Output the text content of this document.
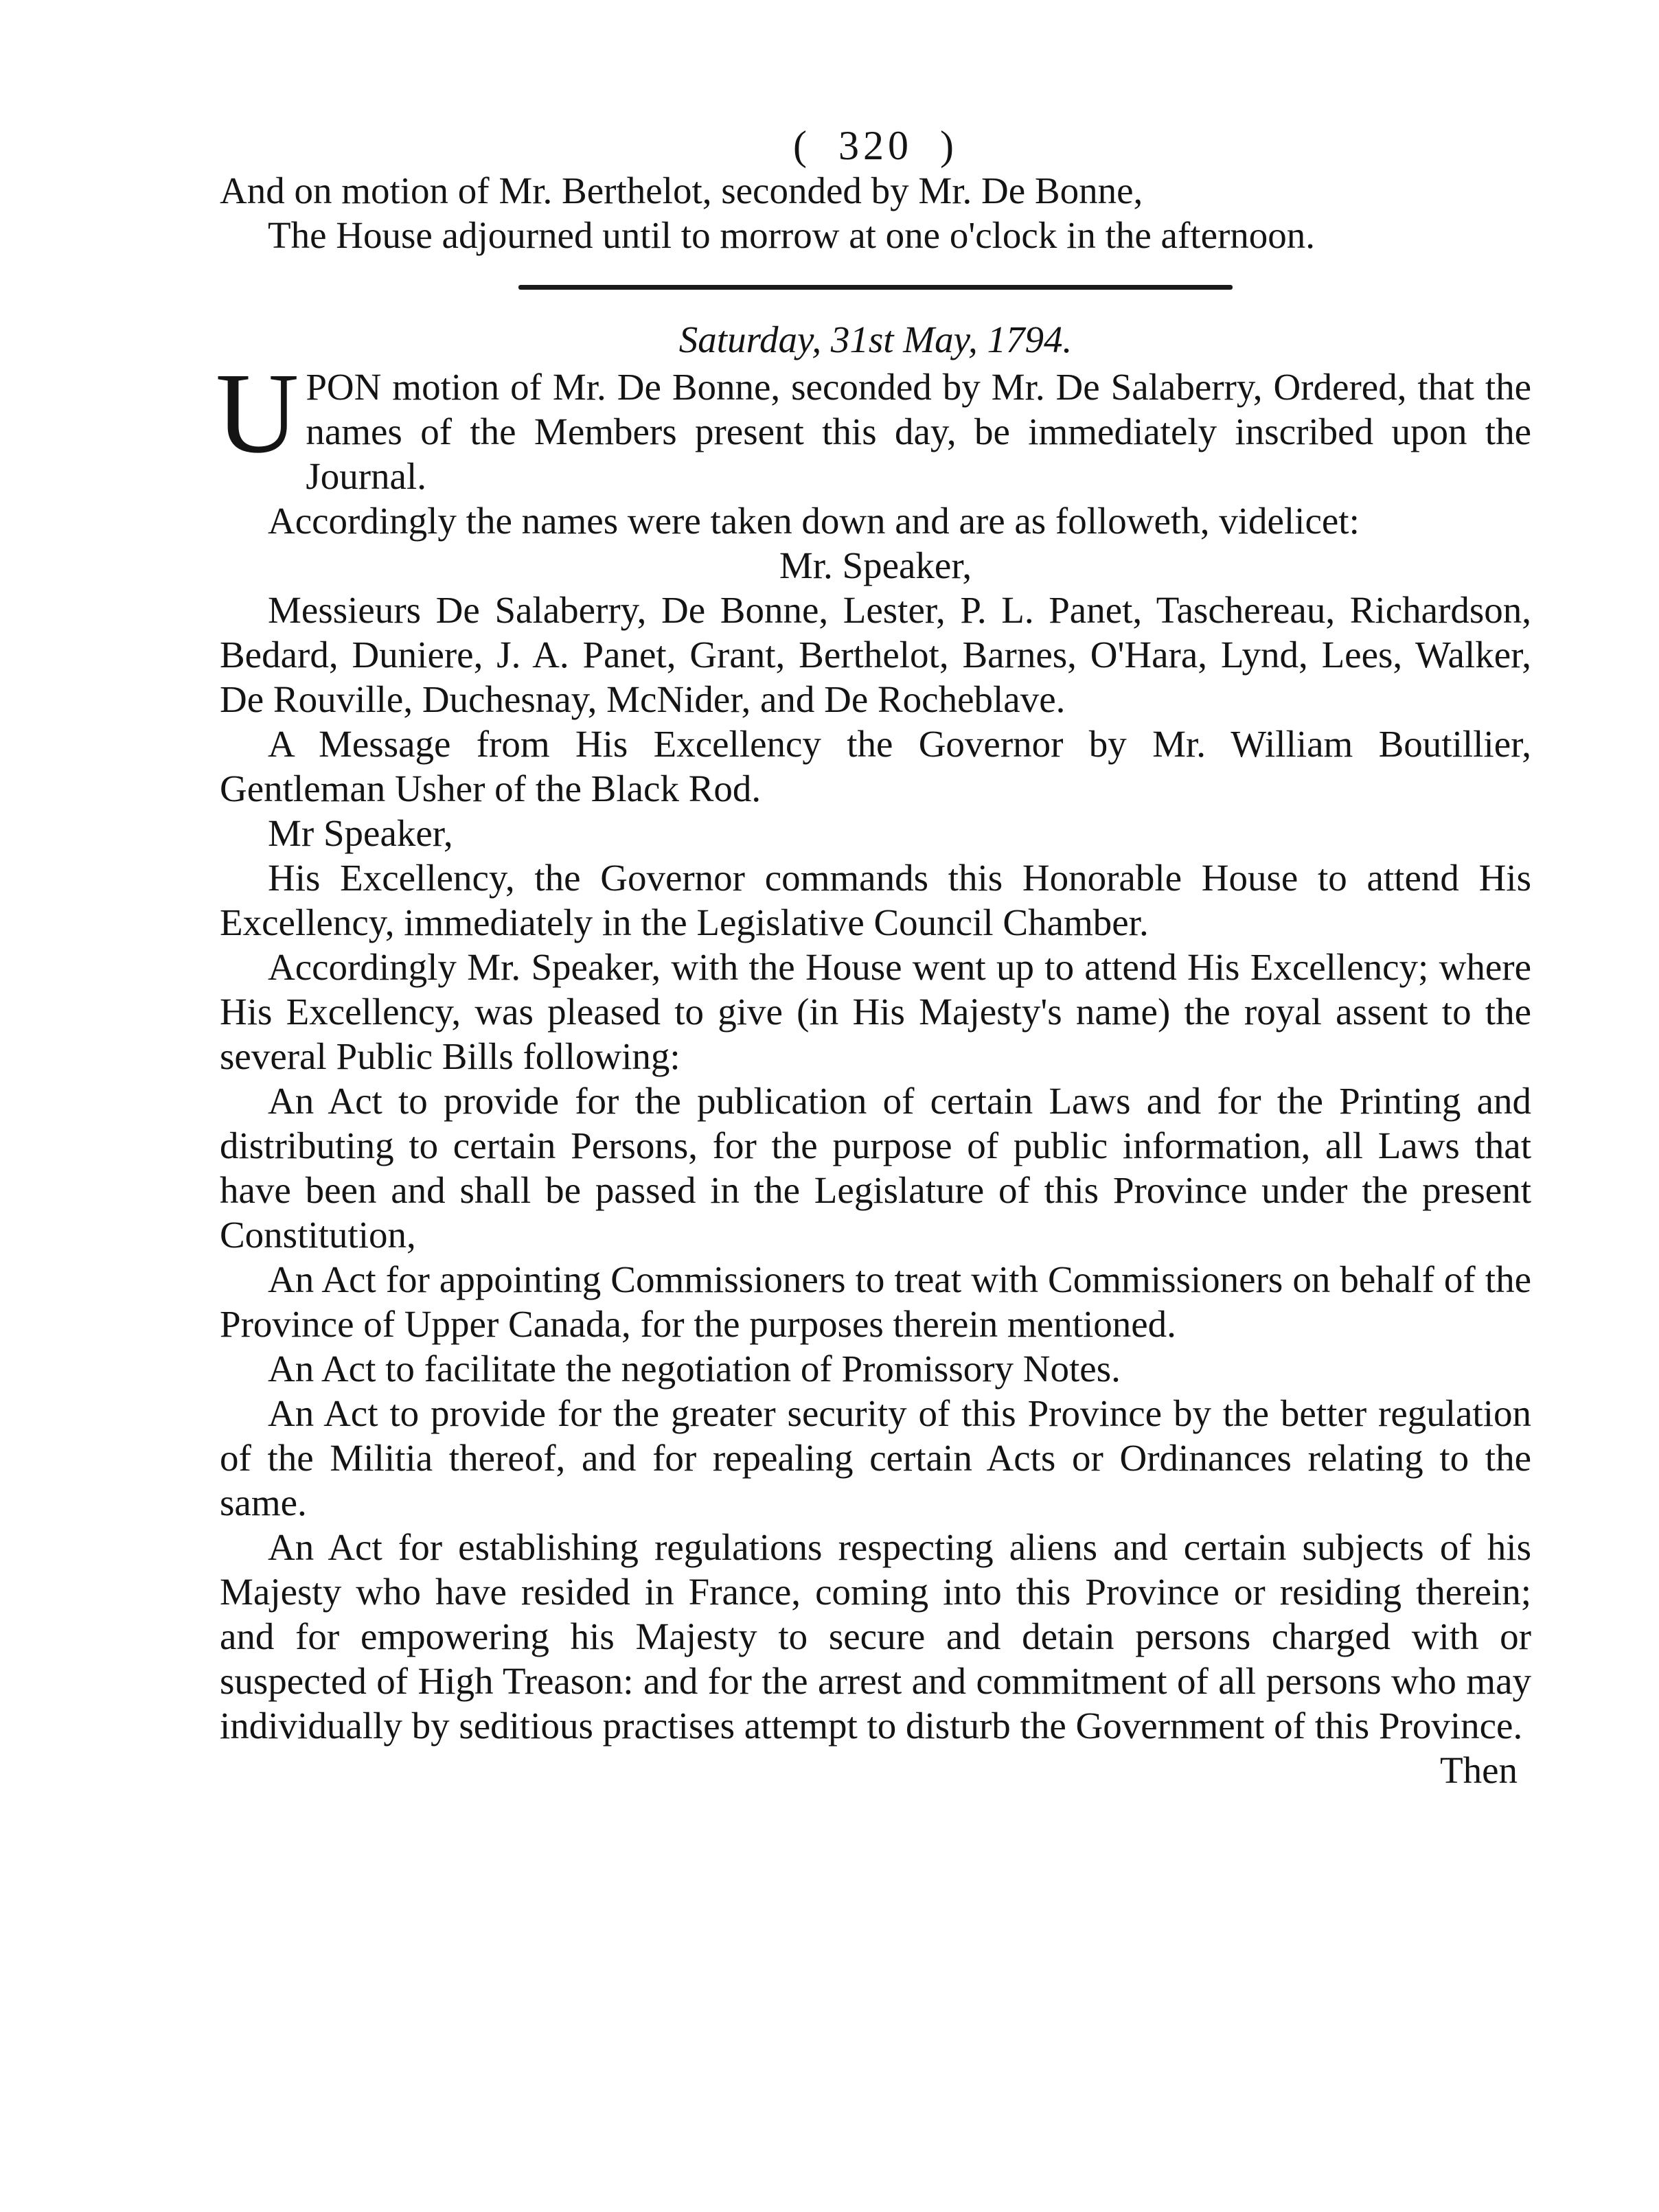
( 320 )

And on motion of Mr. Berthelot, seconded by Mr. De Bonne,

The House adjourned until to morrow at one o'clock in the afternoon.

Saturday, 31st May, 1794.

UPON motion of Mr. De Bonne, seconded by Mr. De Salaberry, Ordered, that the names of the Members present this day, be immediately inscribed upon the Journal.

Accordingly the names were taken down and are as followeth, videlicet:

Mr. Speaker,

Messieurs De Salaberry, De Bonne, Lester, P. L. Panet, Taschereau, Richardson, Bedard, Duniere, J. A. Panet, Grant, Berthelot, Barnes, O'Hara, Lynd, Lees, Walker, De Rouville, Duchesnay, McNider, and De Rocheblave.

A Message from His Excellency the Governor by Mr. William Boutillier, Gentleman Usher of the Black Rod.

Mr Speaker,

His Excellency, the Governor commands this Honorable House to attend His Excellency, immediately in the Legislative Council Chamber.

Accordingly Mr. Speaker, with the House went up to attend His Excellency; where His Excellency, was pleased to give (in His Majesty's name) the royal assent to the several Public Bills following:

An Act to provide for the publication of certain Laws and for the Printing and distributing to certain Persons, for the purpose of public information, all Laws that have been and shall be passed in the Legislature of this Province under the present Constitution,

An Act for appointing Commissioners to treat with Commissioners on behalf of the Province of Upper Canada, for the purposes therein mentioned.

An Act to facilitate the negotiation of Promissory Notes.

An Act to provide for the greater security of this Province by the better regulation of the Militia thereof, and for repealing certain Acts or Ordinances relating to the same.

An Act for establishing regulations respecting aliens and certain subjects of his Majesty who have resided in France, coming into this Province or residing therein; and for empowering his Majesty to secure and detain persons charged with or suspected of High Treason: and for the arrest and commitment of all persons who may individually by seditious practises attempt to disturb the Government of this Province.

Then
